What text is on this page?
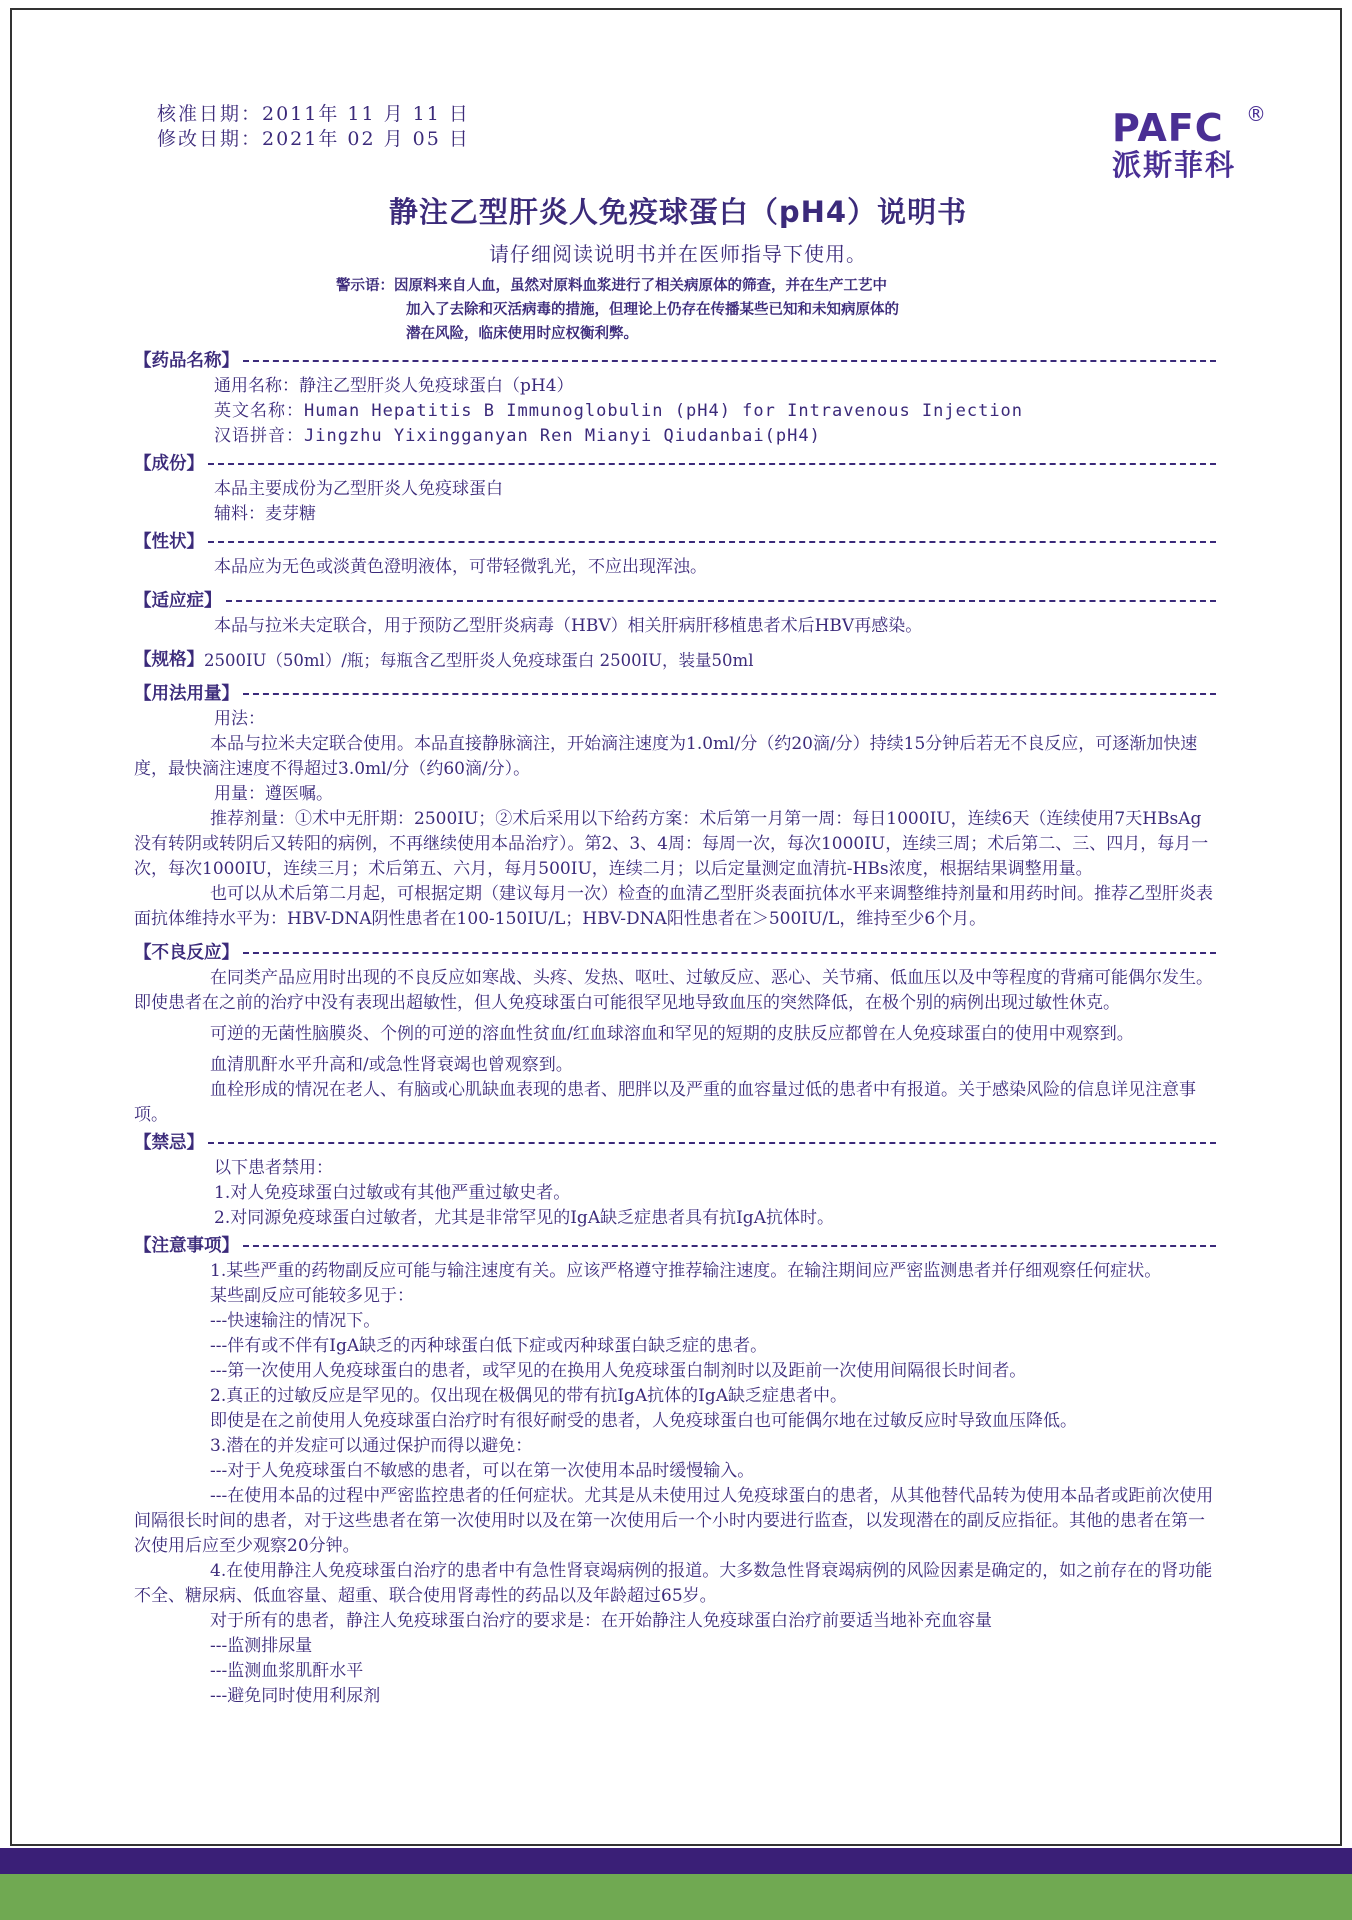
核准日期：2011年 11 月 11 日
修改日期：2021年 02 月 05 日	PAFC	®
派斯菲科
静注乙型肝炎人免疫球蛋白（pH4）说明书
请仔细阅读说明书并在医师指导下使用。
警示语：因原料来自人血，虽然对原料血浆进行了相关病原体的筛查，并在生产工艺中
加入了去除和灭活病毒的措施，但理论上仍存在传播某些已知和未知病原体的
潜在风险，临床使用时应权衡利弊。
【药品名称】
通用名称：静注乙型肝炎人免疫球蛋白（pH4）
英文名称：Human Hepatitis B Immunoglobulin (pH4) for Intravenous Injection
汉语拼音：Jingzhu Yixingganyan Ren Mianyi Qiudanbai(pH4)
【成份】
本品主要成份为乙型肝炎人免疫球蛋白
辅料：麦芽糖
【性状】
本品应为无色或淡黄色澄明液体，可带轻微乳光，不应出现浑浊。
【适应症】
本品与拉米夫定联合，用于预防乙型肝炎病毒（HBV）相关肝病肝移植患者术后HBV再感染。
【规格】 2500IU（50ml）/瓶；每瓶含乙型肝炎人免疫球蛋白 2500IU，装量50ml
【用法用量】
用法：

本品与拉米夫定联合使用。本品直接静脉滴注，开始滴注速度为1.0ml/分（约20滴/分）持续15分钟后若无不良反应，可逐渐加快速度，最快滴注速度不得超过3.0ml/分（约60滴/分）。

用量：遵医嘱。

推荐剂量：①术中无肝期：2500IU；②术后采用以下给药方案：术后第一月第一周：每日1000IU，连续6天（连续使用7天HBsAg没有转阴或转阴后又转阳的病例，不再继续使用本品治疗）。第2、3、4周：每周一次，每次1000IU，连续三周；术后第二、三、四月，每月一次，每次1000IU，连续三月；术后第五、六月，每月500IU，连续二月；以后定量测定血清抗-HBs浓度，根据结果调整用量。

也可以从术后第二月起，可根据定期（建议每月一次）检查的血清乙型肝炎表面抗体水平来调整维持剂量和用药时间。推荐乙型肝炎表面抗体维持水平为：HBV-DNA阴性患者在100-150IU/L；HBV-DNA阳性患者在＞500IU/L，维持至少6个月。

【不良反应】

在同类产品应用时出现的不良反应如寒战、头疼、发热、呕吐、过敏反应、恶心、关节痛、低血压以及中等程度的背痛可能偶尔发生。即使患者在之前的治疗中没有表现出超敏性，但人免疫球蛋白可能很罕见地导致血压的突然降低，在极个别的病例出现过敏性休克。

可逆的无菌性脑膜炎、个例的可逆的溶血性贫血/红血球溶血和罕见的短期的皮肤反应都曾在人免疫球蛋白的使用中观察到。

血清肌酐水平升高和/或急性肾衰竭也曾观察到。

血栓形成的情况在老人、有脑或心肌缺血表现的患者、肥胖以及严重的血容量过低的患者中有报道。关于感染风险的信息详见注意事项。

【禁忌】
以下患者禁用：
1.对人免疫球蛋白过敏或有其他严重过敏史者。
2.对同源免疫球蛋白过敏者，尤其是非常罕见的IgA缺乏症患者具有抗IgA抗体时。
【注意事项】

1.某些严重的药物副反应可能与输注速度有关。应该严格遵守推荐输注速度。在输注期间应严密监测患者并仔细观察任何症状。

某些副反应可能较多见于：

---快速输注的情况下。

---伴有或不伴有IgA缺乏的丙种球蛋白低下症或丙种球蛋白缺乏症的患者。

---第一次使用人免疫球蛋白的患者，或罕见的在换用人免疫球蛋白制剂时以及距前一次使用间隔很长时间者。

2.真正的过敏反应是罕见的。仅出现在极偶见的带有抗IgA抗体的IgA缺乏症患者中。

即使是在之前使用人免疫球蛋白治疗时有很好耐受的患者，人免疫球蛋白也可能偶尔地在过敏反应时导致血压降低。

3.潜在的并发症可以通过保护而得以避免：

---对于人免疫球蛋白不敏感的患者，可以在第一次使用本品时缓慢输入。

---在使用本品的过程中严密监控患者的任何症状。尤其是从未使用过人免疫球蛋白的患者，从其他替代品转为使用本品者或距前次使用间隔很长时间的患者，对于这些患者在第一次使用时以及在第一次使用后一个小时内要进行监查，以发现潜在的副反应指征。其他的患者在第一次使用后应至少观察20分钟。

4.在使用静注人免疫球蛋白治疗的患者中有急性肾衰竭病例的报道。大多数急性肾衰竭病例的风险因素是确定的，如之前存在的肾功能不全、糖尿病、低血容量、超重、联合使用肾毒性的药品以及年龄超过65岁。

对于所有的患者，静注人免疫球蛋白治疗的要求是：在开始静注人免疫球蛋白治疗前要适当地补充血容量

---监测排尿量

---监测血浆肌酐水平

---避免同时使用利尿剂
